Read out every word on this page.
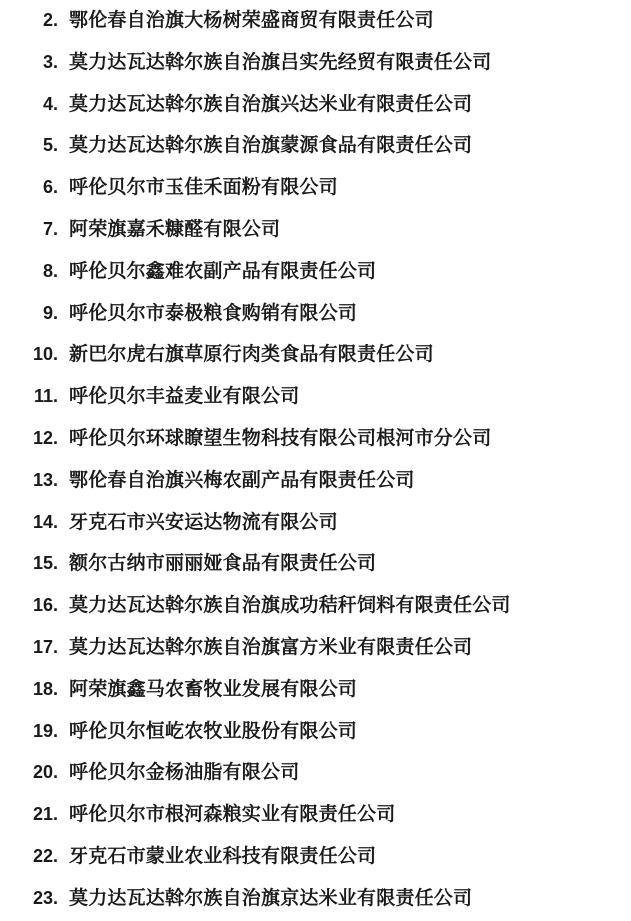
2. 鄂伦春自治旗大杨树荣盛商贸有限责任公司
3. 莫力达瓦达斡尔族自治旗吕实先经贸有限责任公司
4. 莫力达瓦达斡尔族自治旗兴达米业有限责任公司
5. 莫力达瓦达斡尔族自治旗蒙源食品有限责任公司
6. 呼伦贝尔市玉佳禾面粉有限公司
7. 阿荣旗嘉禾糠醛有限公司
8. 呼伦贝尔鑫难农副产品有限责任公司
9. 呼伦贝尔市泰极粮食购销有限公司
10. 新巴尔虎右旗草原行肉类食品有限责任公司
11. 呼伦贝尔丰益麦业有限公司
12. 呼伦贝尔环球瞭望生物科技有限公司根河市分公司
13. 鄂伦春自治旗兴梅农副产品有限责任公司
14. 牙克石市兴安运达物流有限公司
15. 额尔古纳市丽丽娅食品有限责任公司
16. 莫力达瓦达斡尔族自治旗成功秸秆饲料有限责任公司
17. 莫力达瓦达斡尔族自治旗富方米业有限责任公司
18. 阿荣旗鑫马农畜牧业发展有限公司
19. 呼伦贝尔恒屹农牧业股份有限公司
20. 呼伦贝尔金杨油脂有限公司
21. 呼伦贝尔市根河森粮实业有限责任公司
22. 牙克石市蒙业农业科技有限责任公司
23. 莫力达瓦达斡尔族自治旗京达米业有限责任公司
